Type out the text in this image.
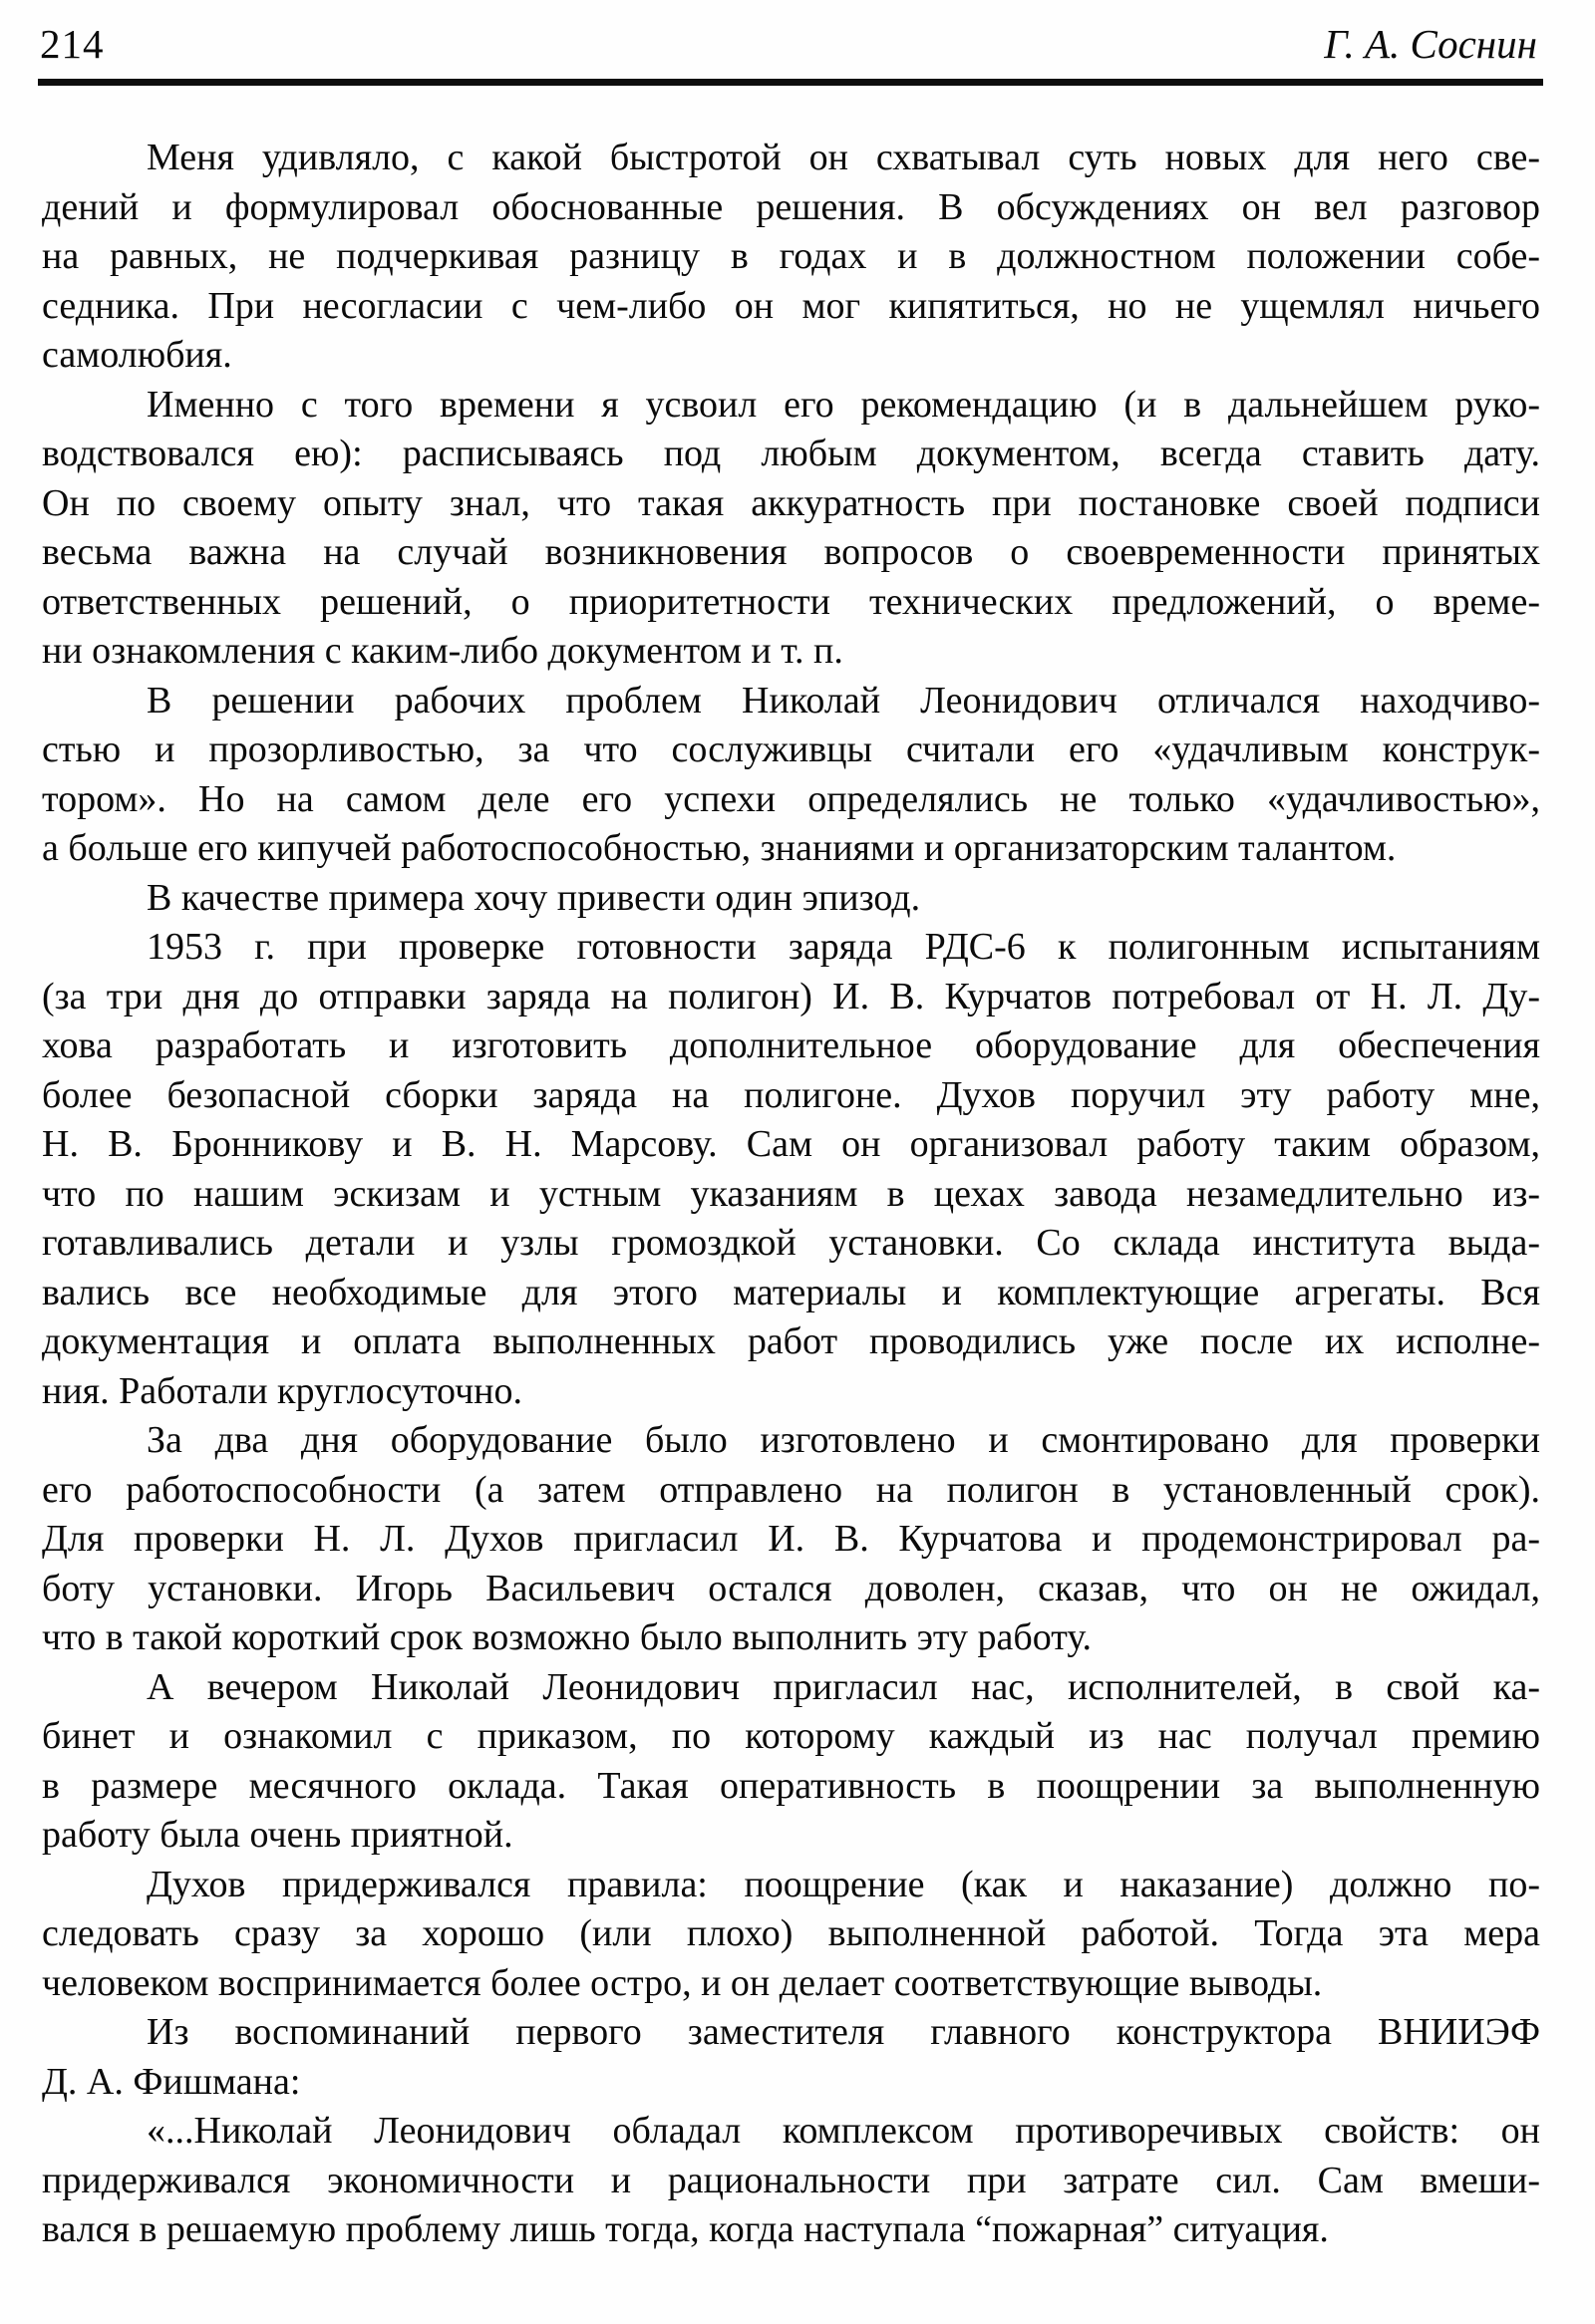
214	Г. А. Соснин

Меня удивляло, с какой быстротой он схватывал суть новых для него све-
дений и формулировал обоснованные решения. В обсуждениях он вел разговор
на равных, не подчеркивая разницу в годах и в должностном положении собе-
седника. При несогласии с чем-либо он мог кипятиться, но не ущемлял ничьего
самолюбия.

Именно с того времени я усвоил его рекомендацию (и в дальнейшем руко-
водствовался ею): расписываясь под любым документом, всегда ставить дату.
Он по своему опыту знал, что такая аккуратность при постановке своей подписи
весьма важна на случай возникновения вопросов о своевременности принятых
ответственных решений, о приоритетности технических предложений, о време-
ни ознакомления с каким-либо документом и т. п.

В решении рабочих проблем Николай Леонидович отличался находчиво-
стью и прозорливостью, за что сослуживцы считали его «удачливым конструк-
тором». Но на самом деле его успехи определялись не только «удачливостью»,
а больше его кипучей работоспособностью, знаниями и организаторским талантом.

В качестве примера хочу привести один эпизод.

1953 г. при проверке готовности заряда РДС-6 к полигонным испытаниям
(за три дня до отправки заряда на полигон) И. В. Курчатов потребовал от Н. Л. Ду-
хова разработать и изготовить дополнительное оборудование для обеспечения
более безопасной сборки заряда на полигоне. Духов поручил эту работу мне,
Н. В. Бронникову и В. Н. Марсову. Сам он организовал работу таким образом,
что по нашим эскизам и устным указаниям в цехах завода незамедлительно из-
готавливались детали и узлы громоздкой установки. Со склада института выда-
вались все необходимые для этого материалы и комплектующие агрегаты. Вся
документация и оплата выполненных работ проводились уже после их исполне-
ния. Работали круглосуточно.

За два дня оборудование было изготовлено и смонтировано для проверки
его работоспособности (а затем отправлено на полигон в установленный срок).
Для проверки Н. Л. Духов пригласил И. В. Курчатова и продемонстрировал ра-
боту установки. Игорь Васильевич остался доволен, сказав, что он не ожидал,
что в такой короткий срок возможно было выполнить эту работу.

А вечером Николай Леонидович пригласил нас, исполнителей, в свой ка-
бинет и ознакомил с приказом, по которому каждый из нас получал премию
в размере месячного оклада. Такая оперативность в поощрении за выполненную
работу была очень приятной.

Духов придерживался правила: поощрение (как и наказание) должно по-
следовать сразу за хорошо (или плохо) выполненной работой. Тогда эта мера
человеком воспринимается более остро, и он делает соответствующие выводы.

Из воспоминаний первого заместителя главного конструктора ВНИИЭФ
Д. А. Фишмана:

«...Николай Леонидович обладал комплексом противоречивых свойств: он
придерживался экономичности и рациональности при затрате сил. Сам вмеши-
вался в решаемую проблему лишь тогда, когда наступала “пожарная” ситуация.
